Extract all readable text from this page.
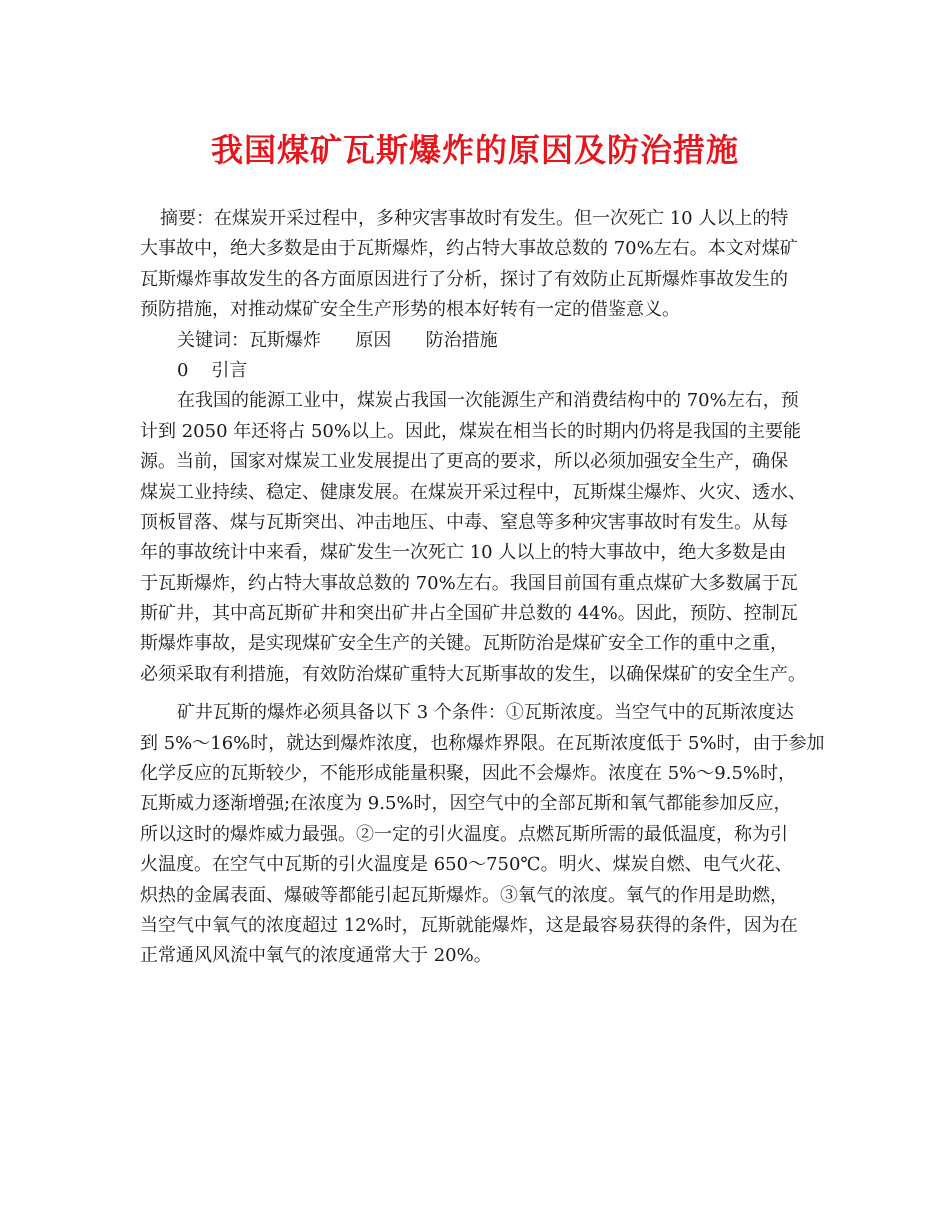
我国煤矿瓦斯爆炸的原因及防治措施
摘要：在煤炭开采过程中，多种灾害事故时有发生。但一次死亡 10 人以上的特
大事故中，绝大多数是由于瓦斯爆炸，约占特大事故总数的 70%左右。本文对煤矿
瓦斯爆炸事故发生的各方面原因进行了分析，探讨了有效防止瓦斯爆炸事故发生的
预防措施，对推动煤矿安全生产形势的根本好转有一定的借鉴意义。
关键词：瓦斯爆炸      原因      防治措施
0    引言
在我国的能源工业中，煤炭占我国一次能源生产和消费结构中的 70%左右，预
计到 2050 年还将占 50%以上。因此，煤炭在相当长的时期内仍将是我国的主要能
源。当前，国家对煤炭工业发展提出了更高的要求，所以必须加强安全生产，确保
煤炭工业持续、稳定、健康发展。在煤炭开采过程中，瓦斯煤尘爆炸、火灾、透水、
顶板冒落、煤与瓦斯突出、冲击地压、中毒、窒息等多种灾害事故时有发生。从每
年的事故统计中来看，煤矿发生一次死亡 10 人以上的特大事故中，绝大多数是由
于瓦斯爆炸，约占特大事故总数的 70%左右。我国目前国有重点煤矿大多数属于瓦
斯矿井，其中高瓦斯矿井和突出矿井占全国矿井总数的 44%。因此，预防、控制瓦
斯爆炸事故，是实现煤矿安全生产的关键。瓦斯防治是煤矿安全工作的重中之重，
必须采取有利措施，有效防治煤矿重特大瓦斯事故的发生，以确保煤矿的安全生产。
矿井瓦斯的爆炸必须具备以下 3 个条件：①瓦斯浓度。当空气中的瓦斯浓度达
到 5%～16%时，就达到爆炸浓度，也称爆炸界限。在瓦斯浓度低于 5%时，由于参加
化学反应的瓦斯较少，不能形成能量积聚，因此不会爆炸。浓度在 5%～9.5%时，
瓦斯威力逐渐增强;在浓度为 9.5%时，因空气中的全部瓦斯和氧气都能参加反应，
所以这时的爆炸威力最强。②一定的引火温度。点燃瓦斯所需的最低温度，称为引
火温度。在空气中瓦斯的引火温度是 650～750℃。明火、煤炭自燃、电气火花、
炽热的金属表面、爆破等都能引起瓦斯爆炸。③氧气的浓度。氧气的作用是助燃，
当空气中氧气的浓度超过 12%时，瓦斯就能爆炸，这是最容易获得的条件，因为在
正常通风风流中氧气的浓度通常大于 20%。
